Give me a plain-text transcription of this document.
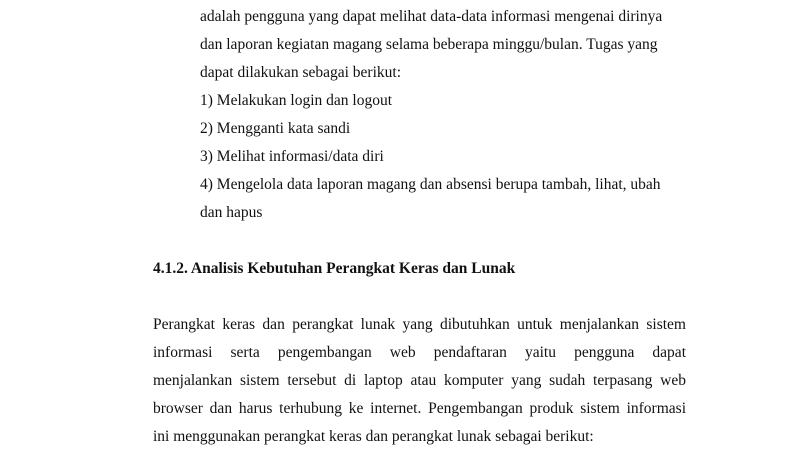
adalah pengguna yang dapat melihat data-data informasi mengenai dirinya
dan laporan kegiatan magang selama beberapa minggu/bulan. Tugas yang
dapat dilakukan sebagai berikut:
1) Melakukan login dan logout
2) Mengganti kata sandi
3) Melihat informasi/data diri
4) Mengelola data laporan magang dan absensi berupa tambah, lihat, ubah
dan hapus
4.1.2. Analisis Kebutuhan Perangkat Keras dan Lunak
Perangkat keras dan perangkat lunak yang dibutuhkan untuk menjalankan sistem
informasi serta pengembangan web pendaftaran yaitu pengguna dapat
menjalankan sistem tersebut di laptop atau komputer yang sudah terpasang web
browser dan harus terhubung ke internet. Pengembangan produk sistem informasi
ini menggunakan perangkat keras dan perangkat lunak sebagai berikut:
